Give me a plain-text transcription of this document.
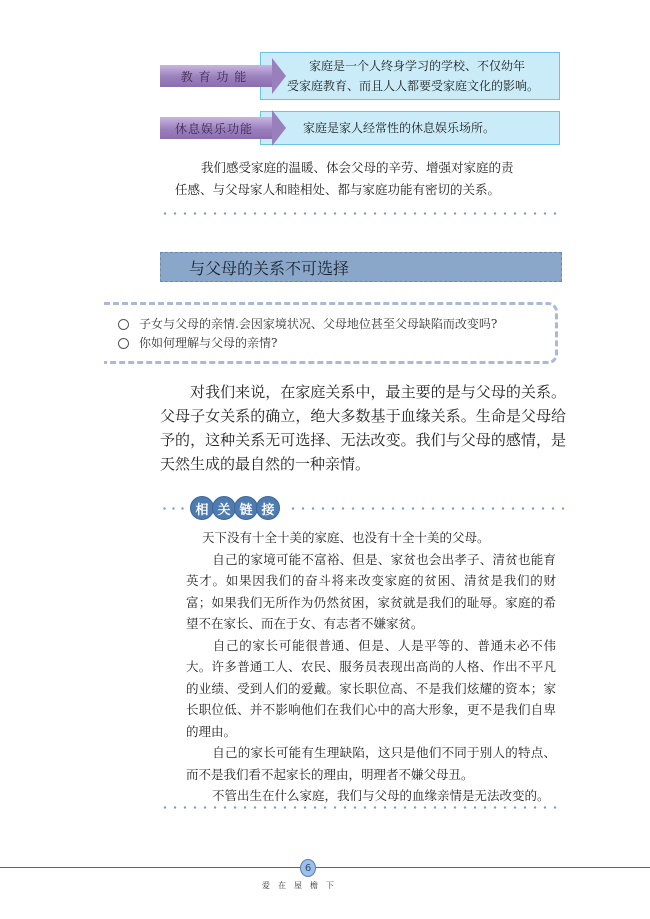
教 育 功 能
家庭是一个人终身学习的学校、不仅幼年
受家庭教育、而且人人都要受家庭文化的影响。
休息娱乐功能	家庭是家人经常性的休息娱乐场所。
我们感受家庭的温暖、体会父母的辛劳、增强对家庭的责
任感、与父母家人和睦相处、都与家庭功能有密切的关系。
与父母的关系不可选择
子女与父母的亲情.会因家境状况、父母地位甚至父母缺陷而改变吗?
你如何理解与父母的亲情?
对我们来说，在家庭关系中，最主要的是与父母的关系。父母子女关系的确立，绝大多数基于血缘关系。生命是父母给予的，这种关系无可选择、无法改变。我们与父母的感情，是天然生成的最自然的一种亲情。
相 关 链 接

天下没有十全十美的家庭、也没有十全十美的父母。

自己的家境可能不富裕、但是、家贫也会出孝子、清贫也能育英才。如果因我们的奋斗将来改变家庭的贫困、清贫是我们的财富；如果我们无所作为仍然贫困，家贫就是我们的耻辱。家庭的希望不在家长、而在于女、有志者不嫌家贫。

自己的家长可能很普通、但是、人是平等的、普通未必不伟大。许多普通工人、农民、服务员表现出高尚的人格、作出不平凡的业绩、受到人们的爱戴。家长职位高、不是我们炫耀的资本；家长职位低、并不影响他们在我们心中的高大形象，更不是我们自卑的理由。

自己的家长可能有生理缺陷，这只是他们不同于别人的特点、而不是我们看不起家长的理由，明理者不嫌父母丑。

不管出生在什么家庭，我们与父母的血缘亲情是无法改变的。

6
爱在屋檐下
